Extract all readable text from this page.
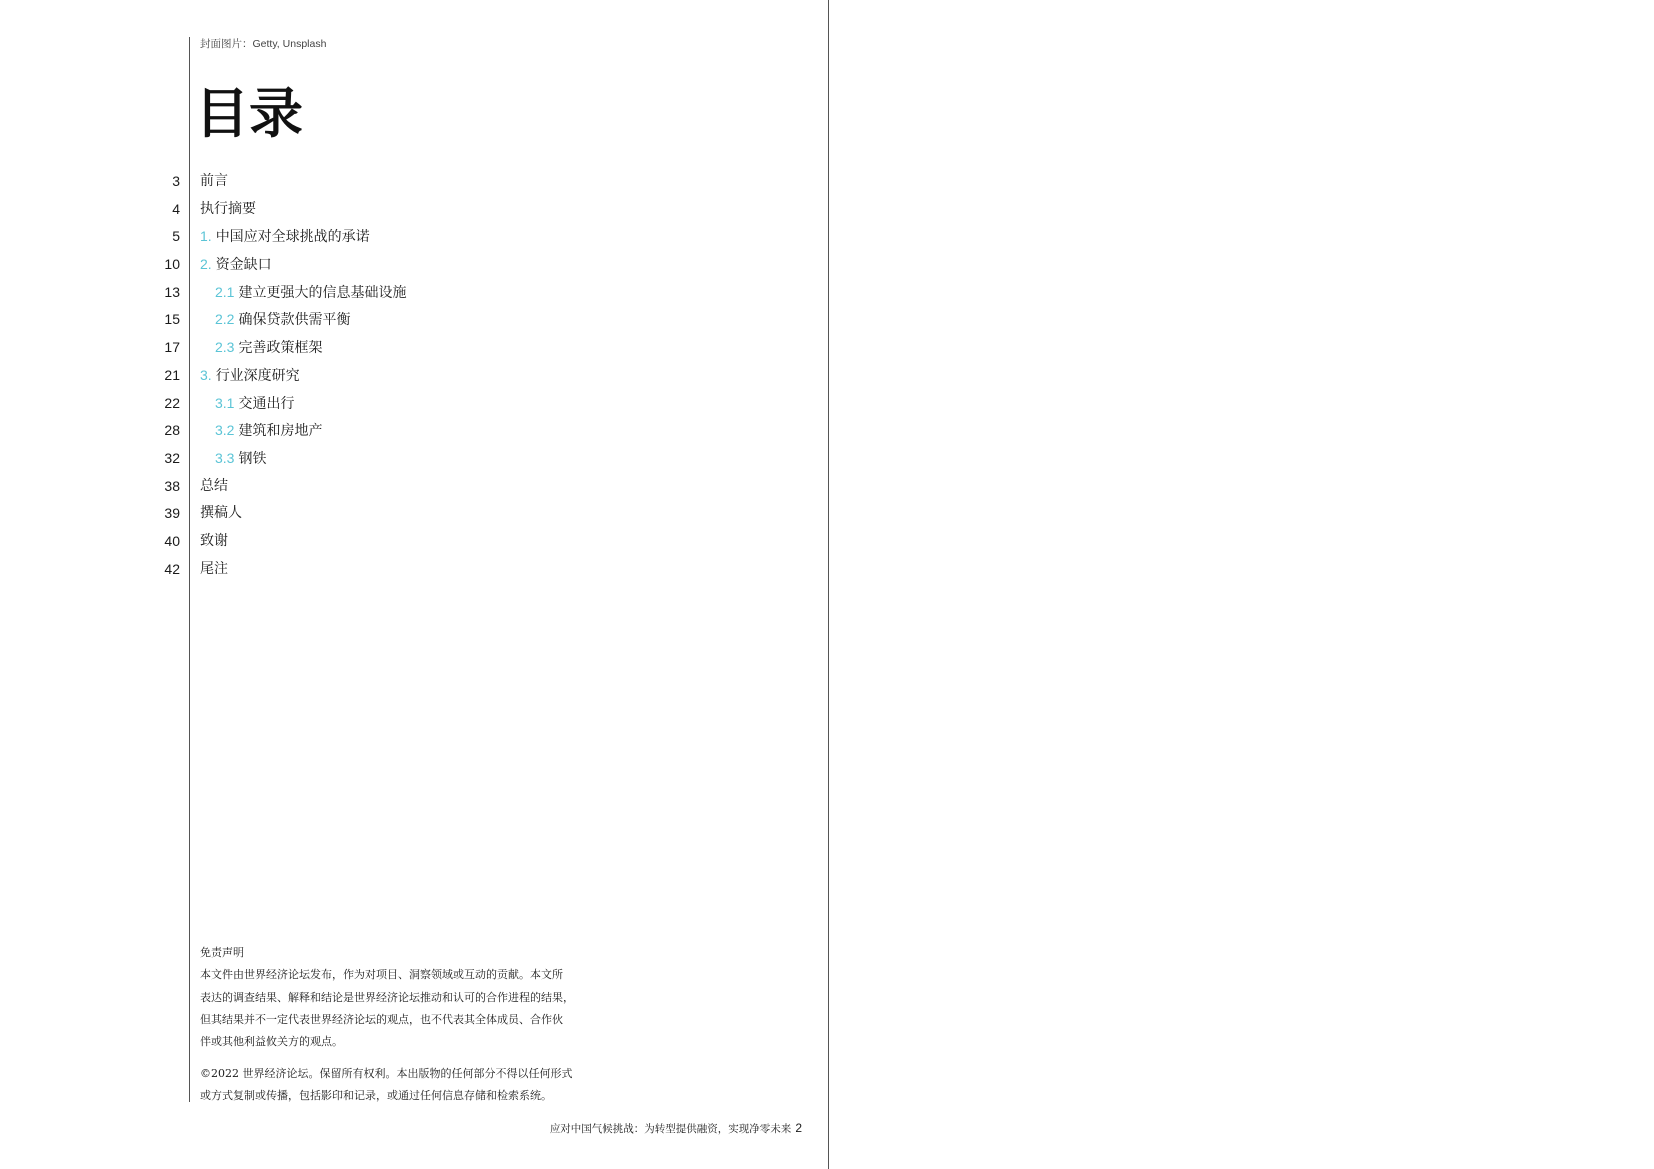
封面图片：Getty, Unsplash
目录
3 前言
4 执行摘要
5 1. 中国应对全球挑战的承诺
10 2. 资金缺口
13	2.1 建立更强大的信息基础设施
15	2.2 确保贷款供需平衡
17	2.3 完善政策框架
21 3. 行业深度研究
22	3.1 交通出行
28	3.2 建筑和房地产
32	3.3 钢铁
38 总结
39 撰稿人
40 致谢
42 尾注

免责声明

本文件由世界经济论坛发布，作为对项目、洞察领域或互动的贡献。本文所
表达的调查结果、解释和结论是世界经济论坛推动和认可的合作进程的结果，
但其结果并不一定代表世界经济论坛的观点，也不代表其全体成员、合作伙
伴或其他利益攸关方的观点。

©2022 世界经济论坛。保留所有权利。本出版物的任何部分不得以任何形式
或方式复制或传播，包括影印和记录，或通过任何信息存储和检索系统。

应对中国气候挑战：为转型提供融资，实现净零未来 2
